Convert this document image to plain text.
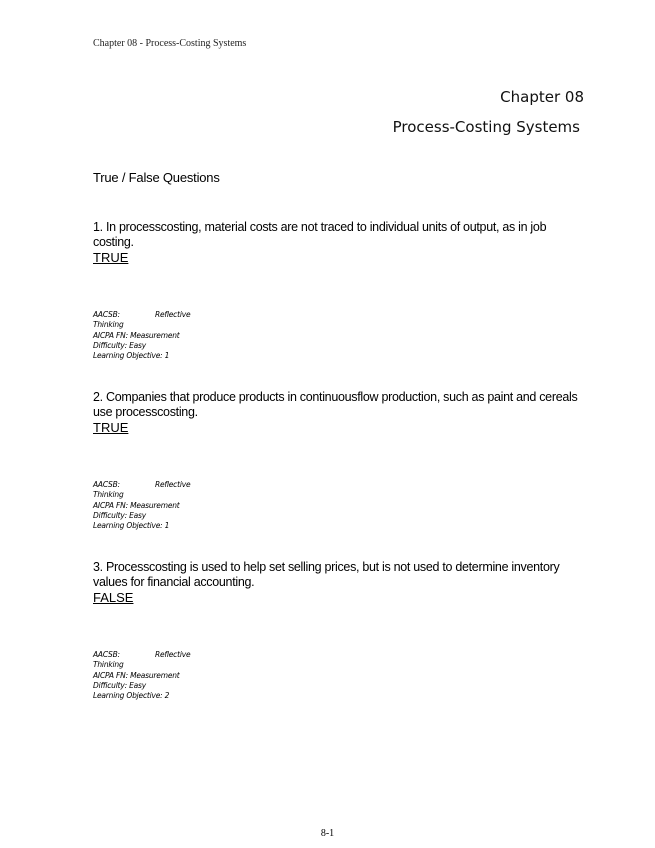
Chapter 08 - Process-Costing Systems
Chapter 08
Process-Costing Systems
True / False Questions

1. In processcosting, material costs are not traced to individual units of output, as in job costing.

TRUE

AACSB:	Reflective
Thinking
AICPA FN: Measurement
Difficulty: Easy
Learning Objective: 1

2. Companies that produce products in continuousflow production, such as paint and cereals use processcosting.

TRUE

AACSB:	Reflective
Thinking
AICPA FN: Measurement
Difficulty: Easy
Learning Objective: 1

3. Processcosting is used to help set selling prices, but is not used to determine inventory values for financial accounting.

FALSE

AACSB:	Reflective
Thinking
AICPA FN: Measurement
Difficulty: Easy
Learning Objective: 2
8-1
